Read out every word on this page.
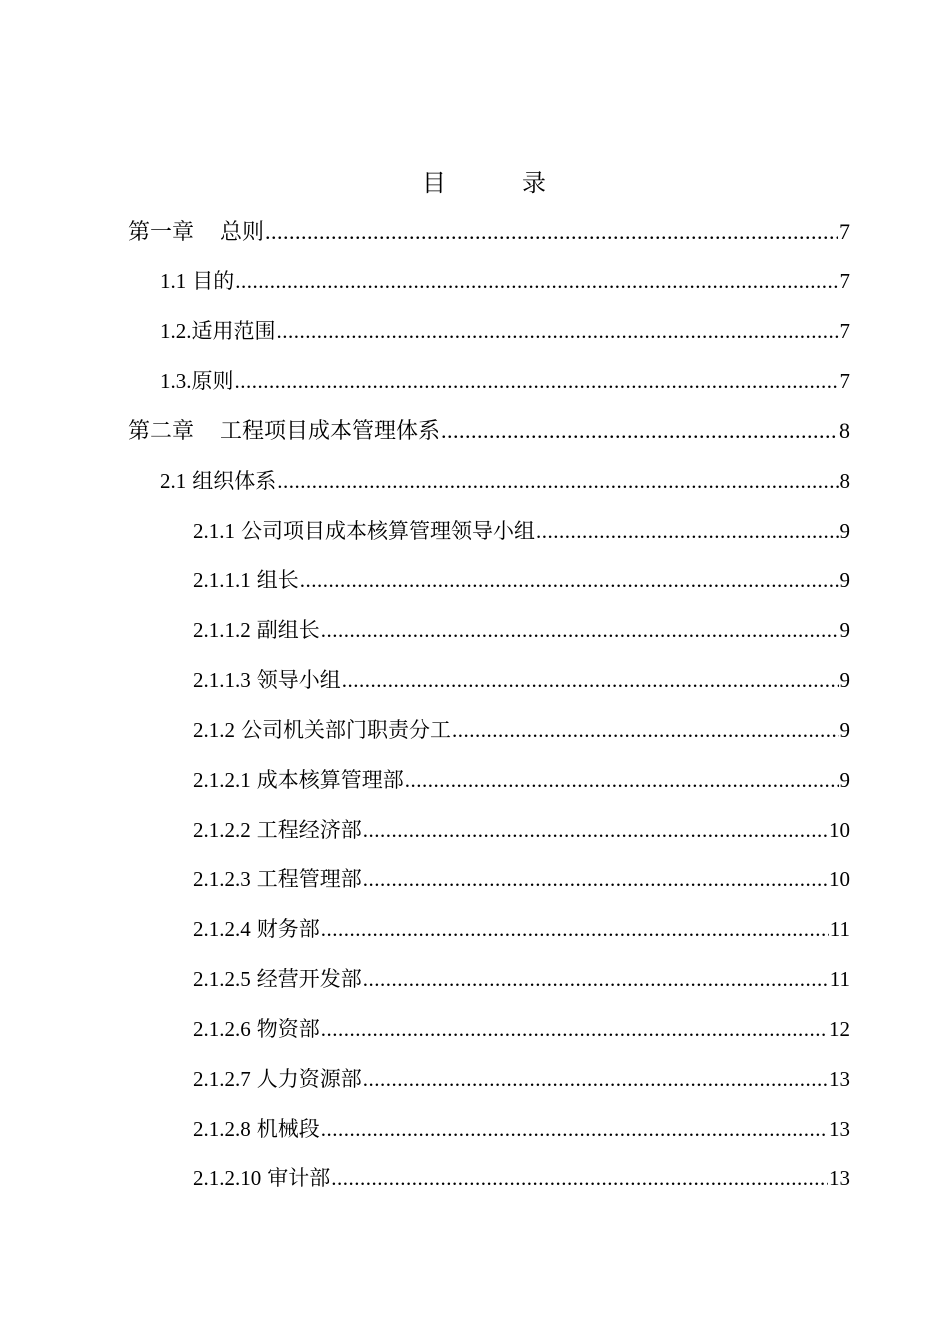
目	录
第一章 总则 .....	7
1.1 目的 .....	7
1.2. 适用范围 .....	7
1.3. 原则 .....	7
第二章 工程项目成本管理体系 .....	8
2.1 组织体系 .....	8
2.1.1 公司项目成本核算管理领导小组 .....	9
2.1.1.1 组长 .....	9
2.1.1.2 副组长 .....	9
2.1.1.3 领导小组 .....	9
2.1.2 公司机关部门职责分工 .....	9
2.1.2.1 成本核算管理部 .....	9
2.1.2.2 工程经济部 .....	10
2.1.2.3 工程管理部 .....	10
2.1.2.4 财务部 .....	11
2.1.2.5 经营开发部 .....	11
2.1.2.6 物资部 .....	12
2.1.2.7 人力资源部 .....	13
2.1.2.8 机械段 .....	13
2.1.2.10 审计部 .....	13
